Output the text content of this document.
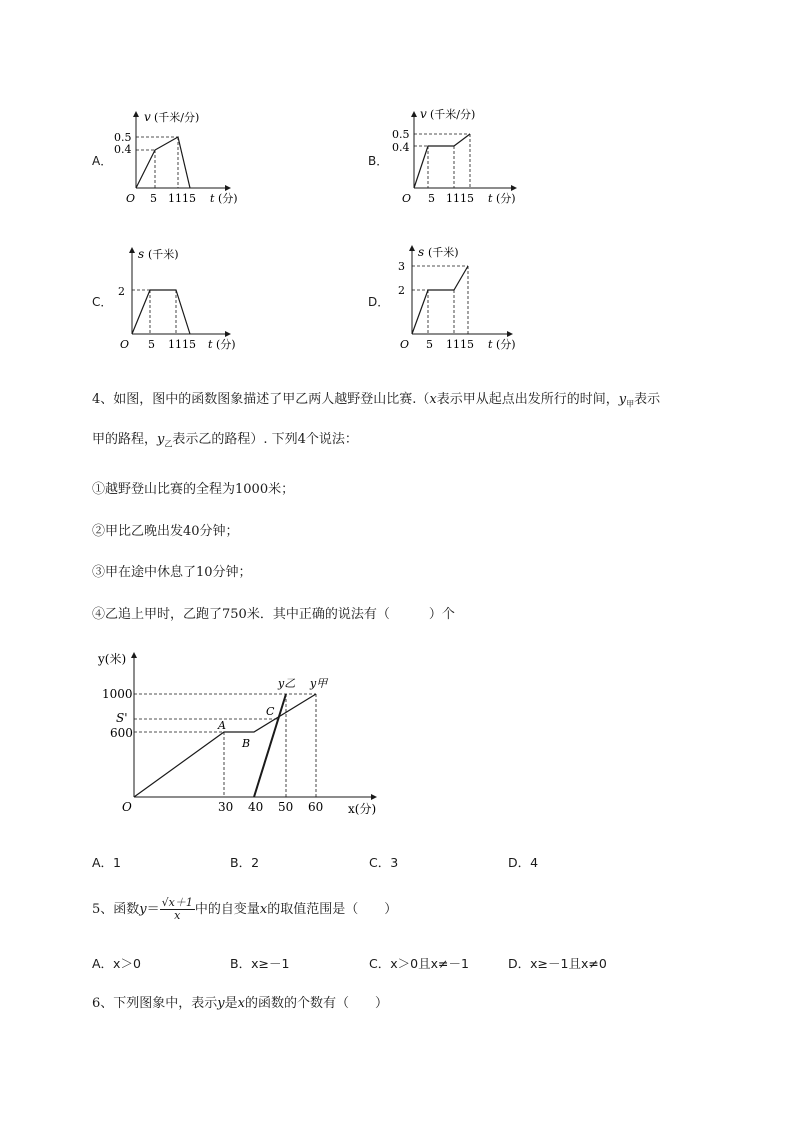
A．
v (千米/分)
0.5
0.4
O 5 11 15 t (分)
B．
v (千米/分)
0.5
0.4
O 5 11 15 t (分)
C．
s (千米)
2
O 5 11 15 t (分)
D．
s (千米)
3
2
O 5 11 15 t (分)
4、如图，图中的函数图象描述了甲乙两人越野登山比赛.（x表示甲从起点出发所行的时间，$y_甲$表示
甲的路程，$y_乙$表示乙的路程）. 下列4个说法：
①越野登山比赛的全程为1000米；
②甲比乙晚出发40分钟；
③甲在途中休息了10分钟；
④乙追上甲时，乙跑了750米．其中正确的说法有（　　　）个
y(米)
x(分)
O
1000
S'
600
30 40 50 60
A
B
C
y乙 y甲
A．1	B．2	C．3	D．4
5、函数$y= \frac{√x+1}{x}$ 中的自变量x的取值范围是（　　）
A．x＞0	B．x≥－1	C．x＞0且x≠－1	D．x≥－1且x≠0
6、下列图象中，表示y是x的函数的个数有（　　）
